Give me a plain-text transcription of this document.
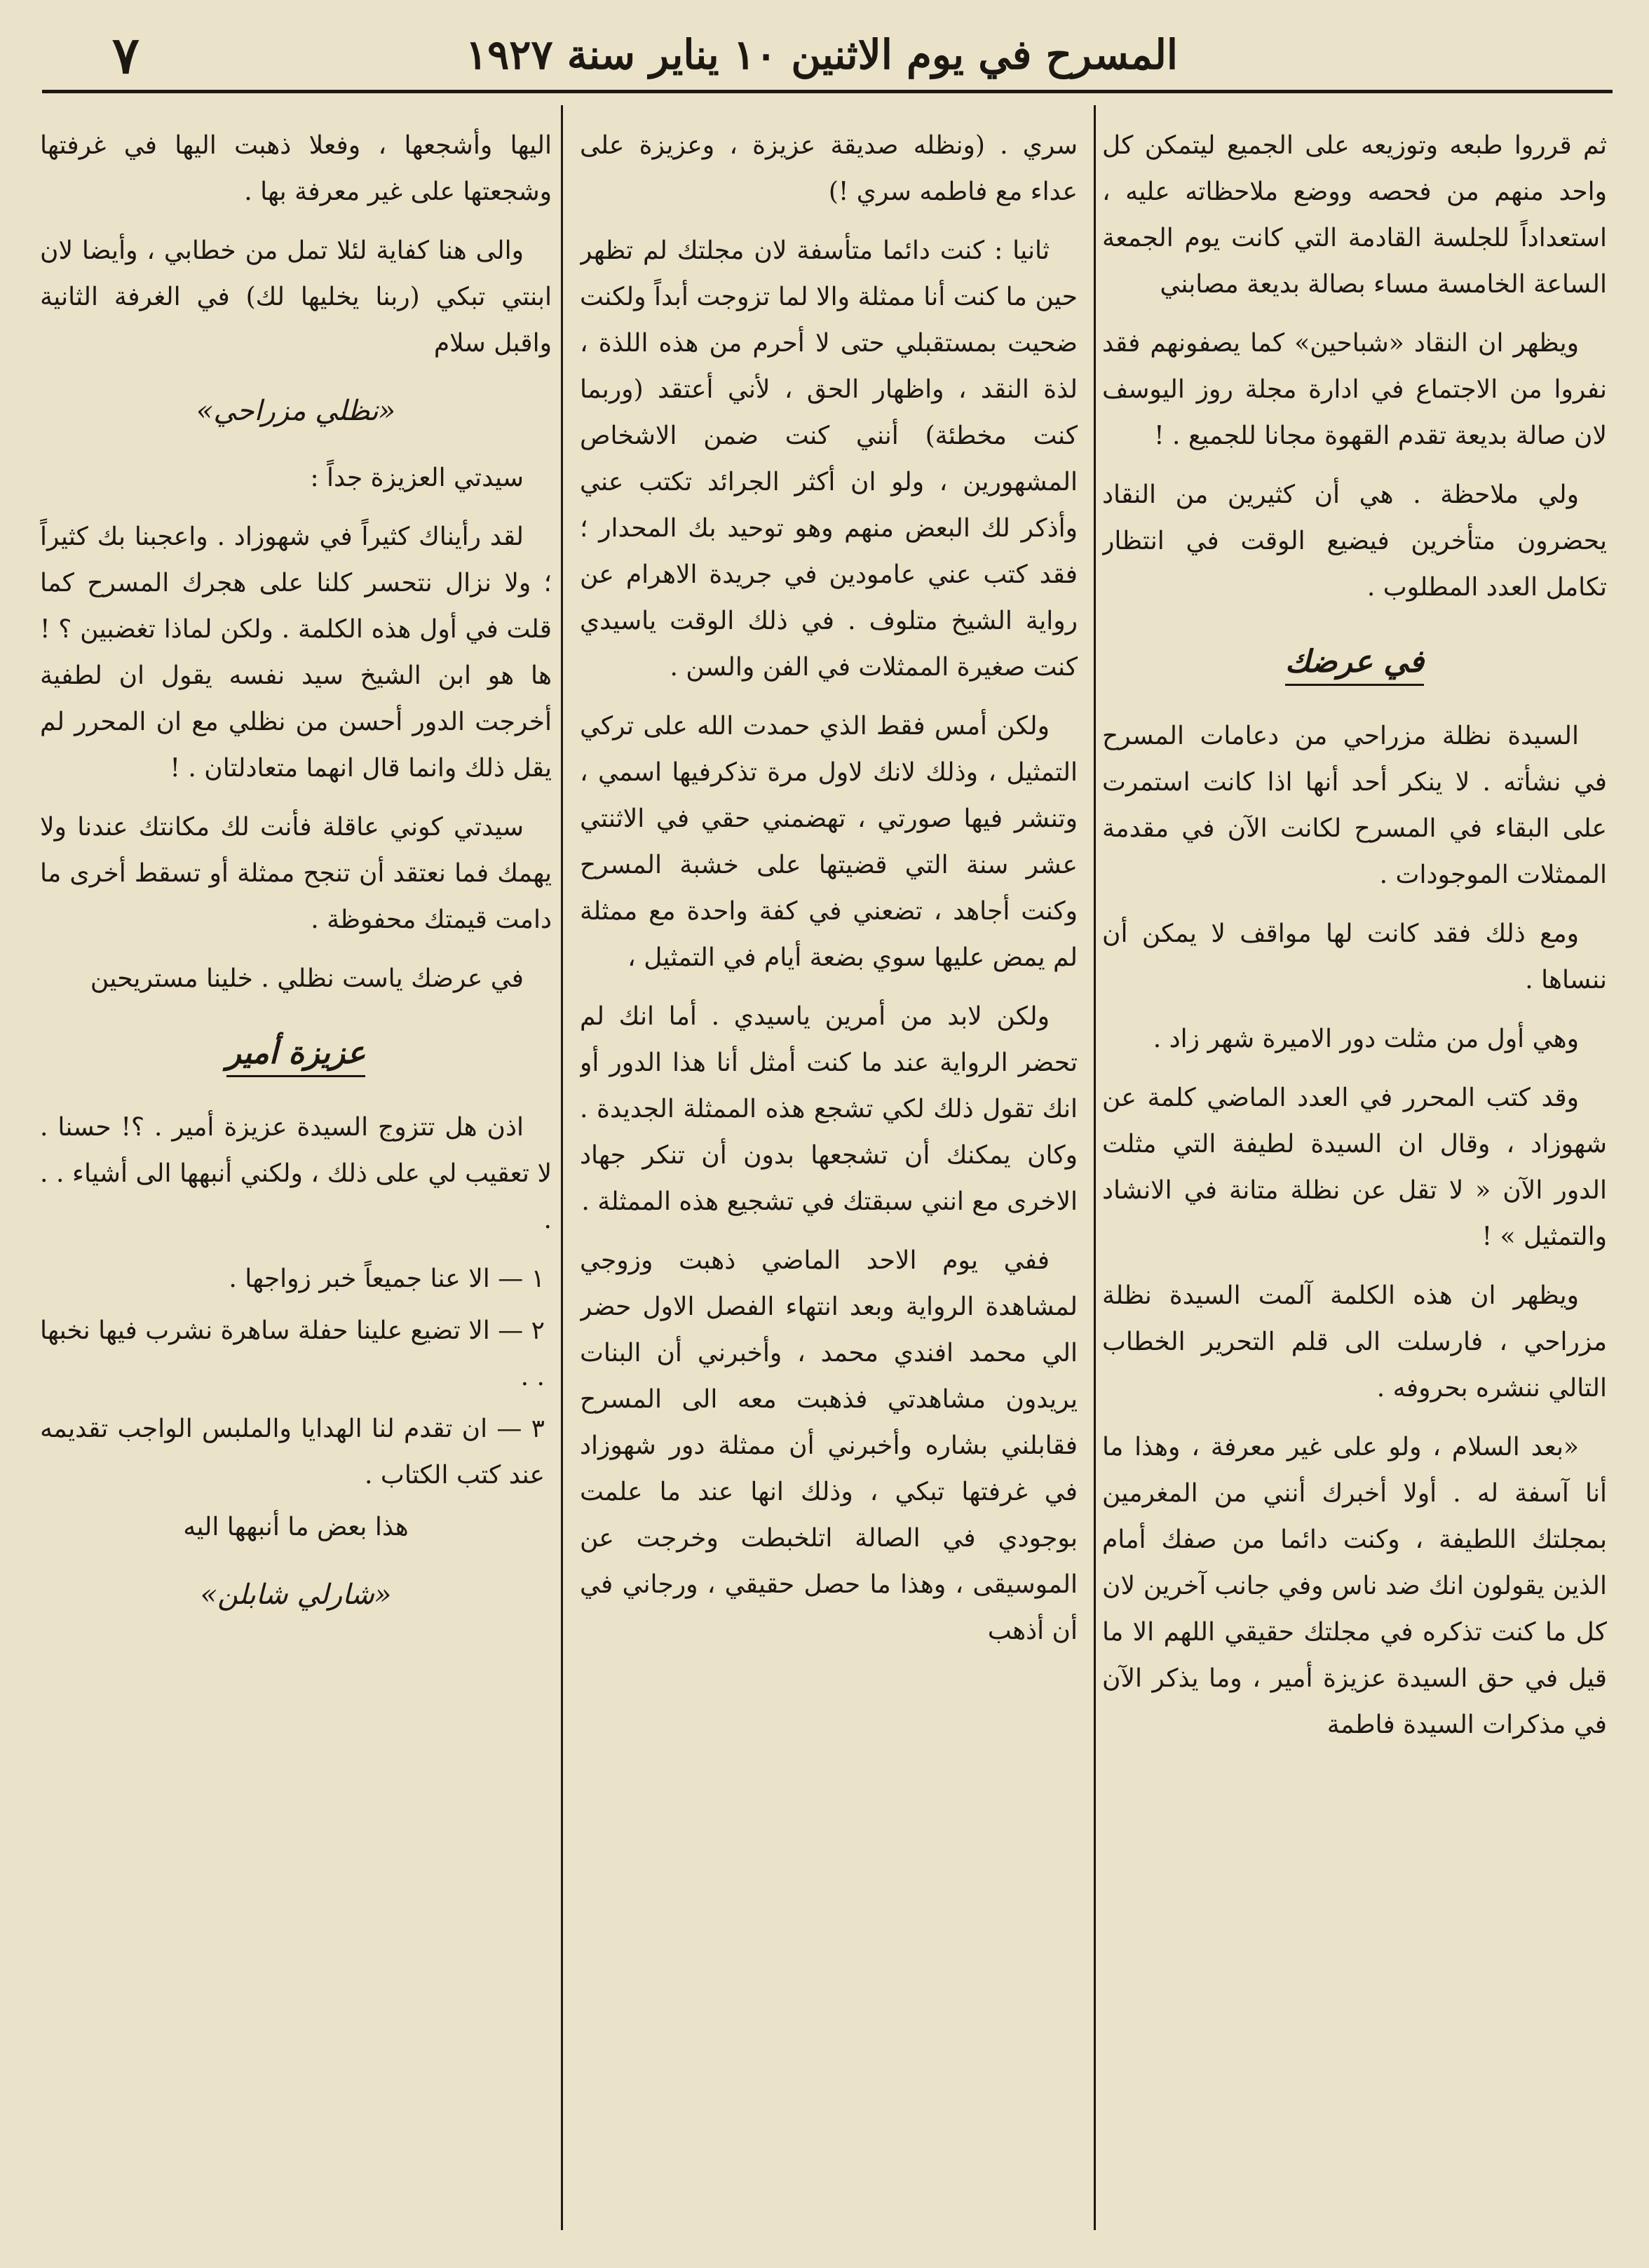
المسرح في يوم الاثنين ١٠ يناير سنة ١٩٢٧
٧

ثم قرروا طبعه وتوزيعه على الجميع ليتمكن كل واحد منهم من فحصه ووضع ملاحظاته عليه ، استعداداً للجلسة القادمة التي كانت يوم الجمعة الساعة الخامسة مساء بصالة بديعة مصابني

ويظهر ان النقاد «شباحين» كما يصفونهم فقد نفروا من الاجتماع في ادارة مجلة روز اليوسف لان صالة بديعة تقدم القهوة مجانا للجميع . !

ولي ملاحظة . هي أن كثيرين من النقاد يحضرون متأخرين فيضيع الوقت في انتظار تكامل العدد المطلوب .

في عرضك

السيدة نظلة مزراحي من دعامات المسرح في نشأته . لا ينكر أحد أنها اذا كانت استمرت على البقاء في المسرح لكانت الآن في مقدمة الممثلات الموجودات .

ومع ذلك فقد كانت لها مواقف لا يمكن أن ننساها .

وهي أول من مثلت دور الاميرة شهر زاد .

وقد كتب المحرر في العدد الماضي كلمة عن شهوزاد ، وقال ان السيدة لطيفة التي مثلت الدور الآن « لا تقل عن نظلة متانة في الانشاد والتمثيل » !

ويظهر ان هذه الكلمة آلمت السيدة نظلة مزراحي ، فارسلت الى قلم التحرير الخطاب التالي ننشره بحروفه .

«بعد السلام ، ولو على غير معرفة ، وهذا ما أنا آسفة له . أولا أخبرك أنني من المغرمين بمجلتك اللطيفة ، وكنت دائما من صفك أمام الذين يقولون انك ضد ناس وفي جانب آخرين لان كل ما كنت تذكره في مجلتك حقيقي اللهم الا ما قيل في حق السيدة عزيزة أمير ، وما يذكر الآن في مذكرات السيدة فاطمة

سري . (ونظله صديقة عزيزة ، وعزيزة على عداء مع فاطمه سري !)

ثانيا : كنت دائما متأسفة لان مجلتك لم تظهر حين ما كنت أنا ممثلة والا لما تزوجت أبداً ولكنت ضحيت بمستقبلي حتى لا أحرم من هذه اللذة ، لذة النقد ، واظهار الحق ، لأني أعتقد (وربما كنت مخطئة) أنني كنت ضمن الاشخاص المشهورين ، ولو ان أكثر الجرائد تكتب عني وأذكر لك البعض منهم وهو توحيد بك المحدار ؛ فقد كتب عني عامودين في جريدة الاهرام عن رواية الشيخ متلوف . في ذلك الوقت ياسيدي كنت صغيرة الممثلات في الفن والسن .

ولكن أمس فقط الذي حمدت الله على تركي التمثيل ، وذلك لانك لاول مرة تذكرفيها اسمي ، وتنشر فيها صورتي ، تهضمني حقي في الاثنتي عشر سنة التي قضيتها على خشبة المسرح وكنت أجاهد ، تضعني في كفة واحدة مع ممثلة لم يمض عليها سوي بضعة أيام في التمثيل ،

ولكن لابد من أمرين ياسيدي . أما انك لم تحضر الرواية عند ما كنت أمثل أنا هذا الدور أو انك تقول ذلك لكي تشجع هذه الممثلة الجديدة . وكان يمكنك أن تشجعها بدون أن تنكر جهاد الاخرى مع انني سبقتك في تشجيع هذه الممثلة .

ففي يوم الاحد الماضي ذهبت وزوجي لمشاهدة الرواية وبعد انتهاء الفصل الاول حضر الي محمد افندي محمد ، وأخبرني أن البنات يريدون مشاهدتي فذهبت معه الى المسرح فقابلني بشاره وأخبرني أن ممثلة دور شهوزاد في غرفتها تبكي ، وذلك انها عند ما علمت بوجودي في الصالة اتلخبطت وخرجت عن الموسيقى ، وهذا ما حصل حقيقي ، ورجاني في أن أذهب

اليها وأشجعها ، وفعلا ذهبت اليها في غرفتها وشجعتها على غير معرفة بها .

والى هنا كفاية لئلا تمل من خطابي ، وأيضا لان ابنتي تبكي (ربنا يخليها لك) في الغرفة الثانية واقبل سلام

«نظلي مزراحي»

سيدتي العزيزة جداً :

لقد رأيناك كثيراً في شهوزاد . واعجبنا بك كثيراً ؛ ولا نزال نتحسر كلنا على هجرك المسرح كما قلت في أول هذه الكلمة . ولكن لماذا تغضبين ؟ ! ها هو ابن الشيخ سيد نفسه يقول ان لطفية أخرجت الدور أحسن من نظلي مع ان المحرر لم يقل ذلك وانما قال انهما متعادلتان . !

سيدتي كوني عاقلة فأنت لك مكانتك عندنا ولا يهمك فما نعتقد أن تنجح ممثلة أو تسقط أخرى ما دامت قيمتك محفوظة .

في عرضك ياست نظلي . خلينا مستريحين

عزيزة أمير

اذن هل تتزوج السيدة عزيزة أمير . ؟! حسنا . لا تعقيب لي على ذلك ، ولكني أنبهها الى أشياء . . .

١ — الا عنا جميعاً خبر زواجها .
٢ — الا تضيع علينا حفلة ساهرة نشرب فيها نخبها . .
٣ — ان تقدم لنا الهدايا والملبس الواجب تقديمه عند كتب الكتاب .

هذا بعض ما أنبهها اليه

«شارلي شابلن»
